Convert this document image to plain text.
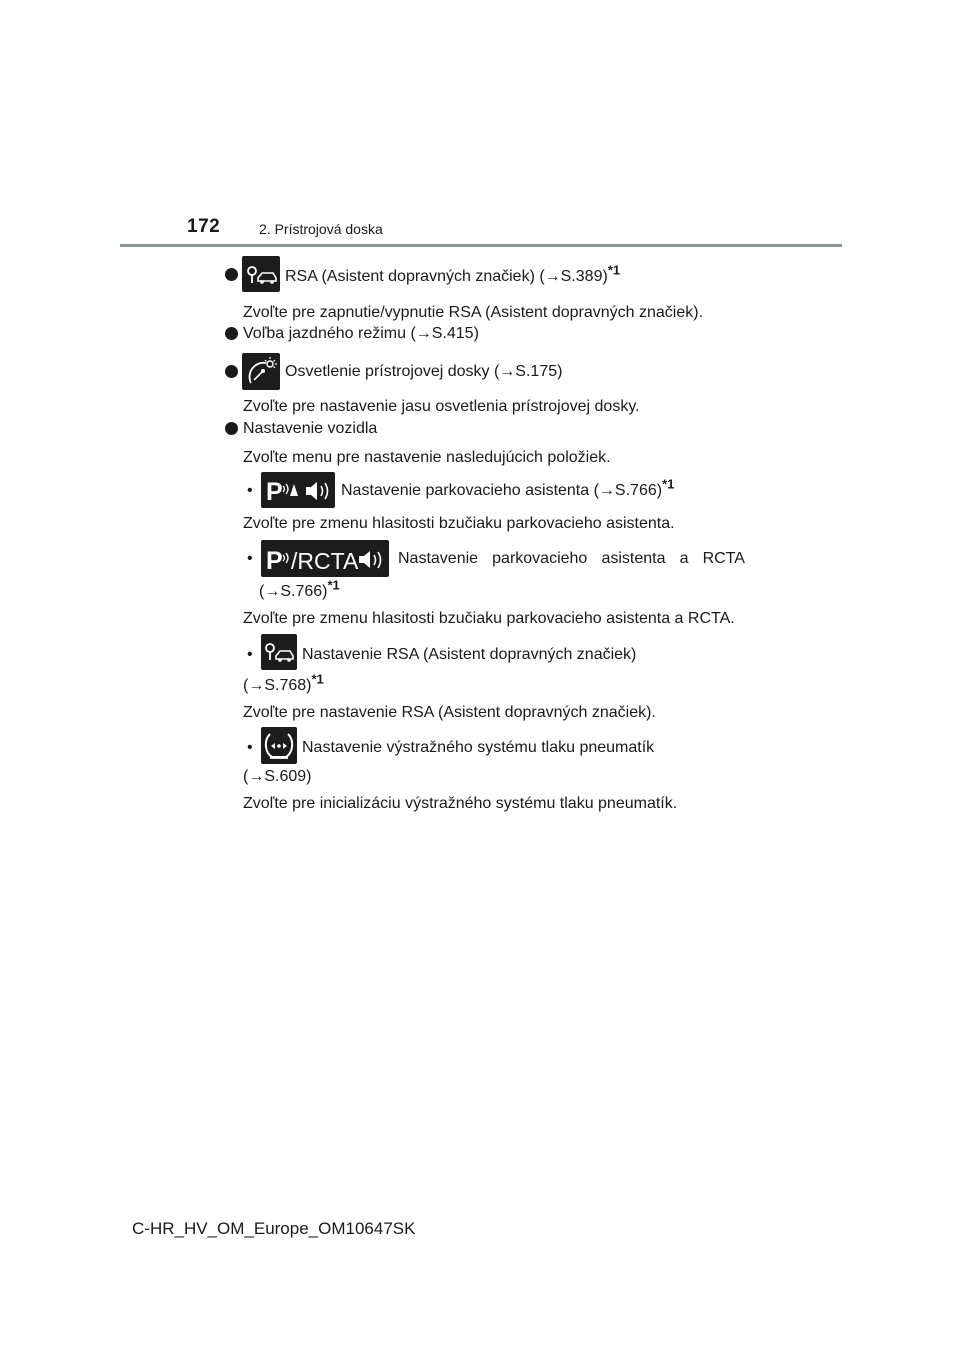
172	2. Prístrojová doska
RSA (Asistent dopravných značiek) $(\to S.389)^{*1}$
Zvoľte pre zapnutie/vypnutie RSA (Asistent dopravných značiek).
Voľba jazdného režimu (→S.415)
Osvetlenie prístrojovej dosky (→S.175)
Zvoľte pre nastavenie jasu osvetlenia prístrojovej dosky.
Nastavenie vozidla
Zvoľte menu pre nastavenie nasledujúcich položiek.
• P	Nastavenie parkovacieho asistenta $(\to S.766)^{*1}$
Zvoľte pre zmenu hlasitosti bzučiaku parkovacieho asistenta.
• P /RCTA Nastavenie parkovacieho asistenta a RCTA
$(\to S.766)^{*1}$
Zvoľte pre zmenu hlasitosti bzučiaku parkovacieho asistenta a RCTA.
•	Nastavenie RSA (Asistent dopravných značiek)
$(\to S.768)^{*1}$
Zvoľte pre nastavenie RSA (Asistent dopravných značiek).
•	Nastavenie výstražného systému tlaku pneumatík
(→S.609)
Zvoľte pre inicializáciu výstražného systému tlaku pneumatík.
C-HR_HV_OM_Europe_OM10647SK
